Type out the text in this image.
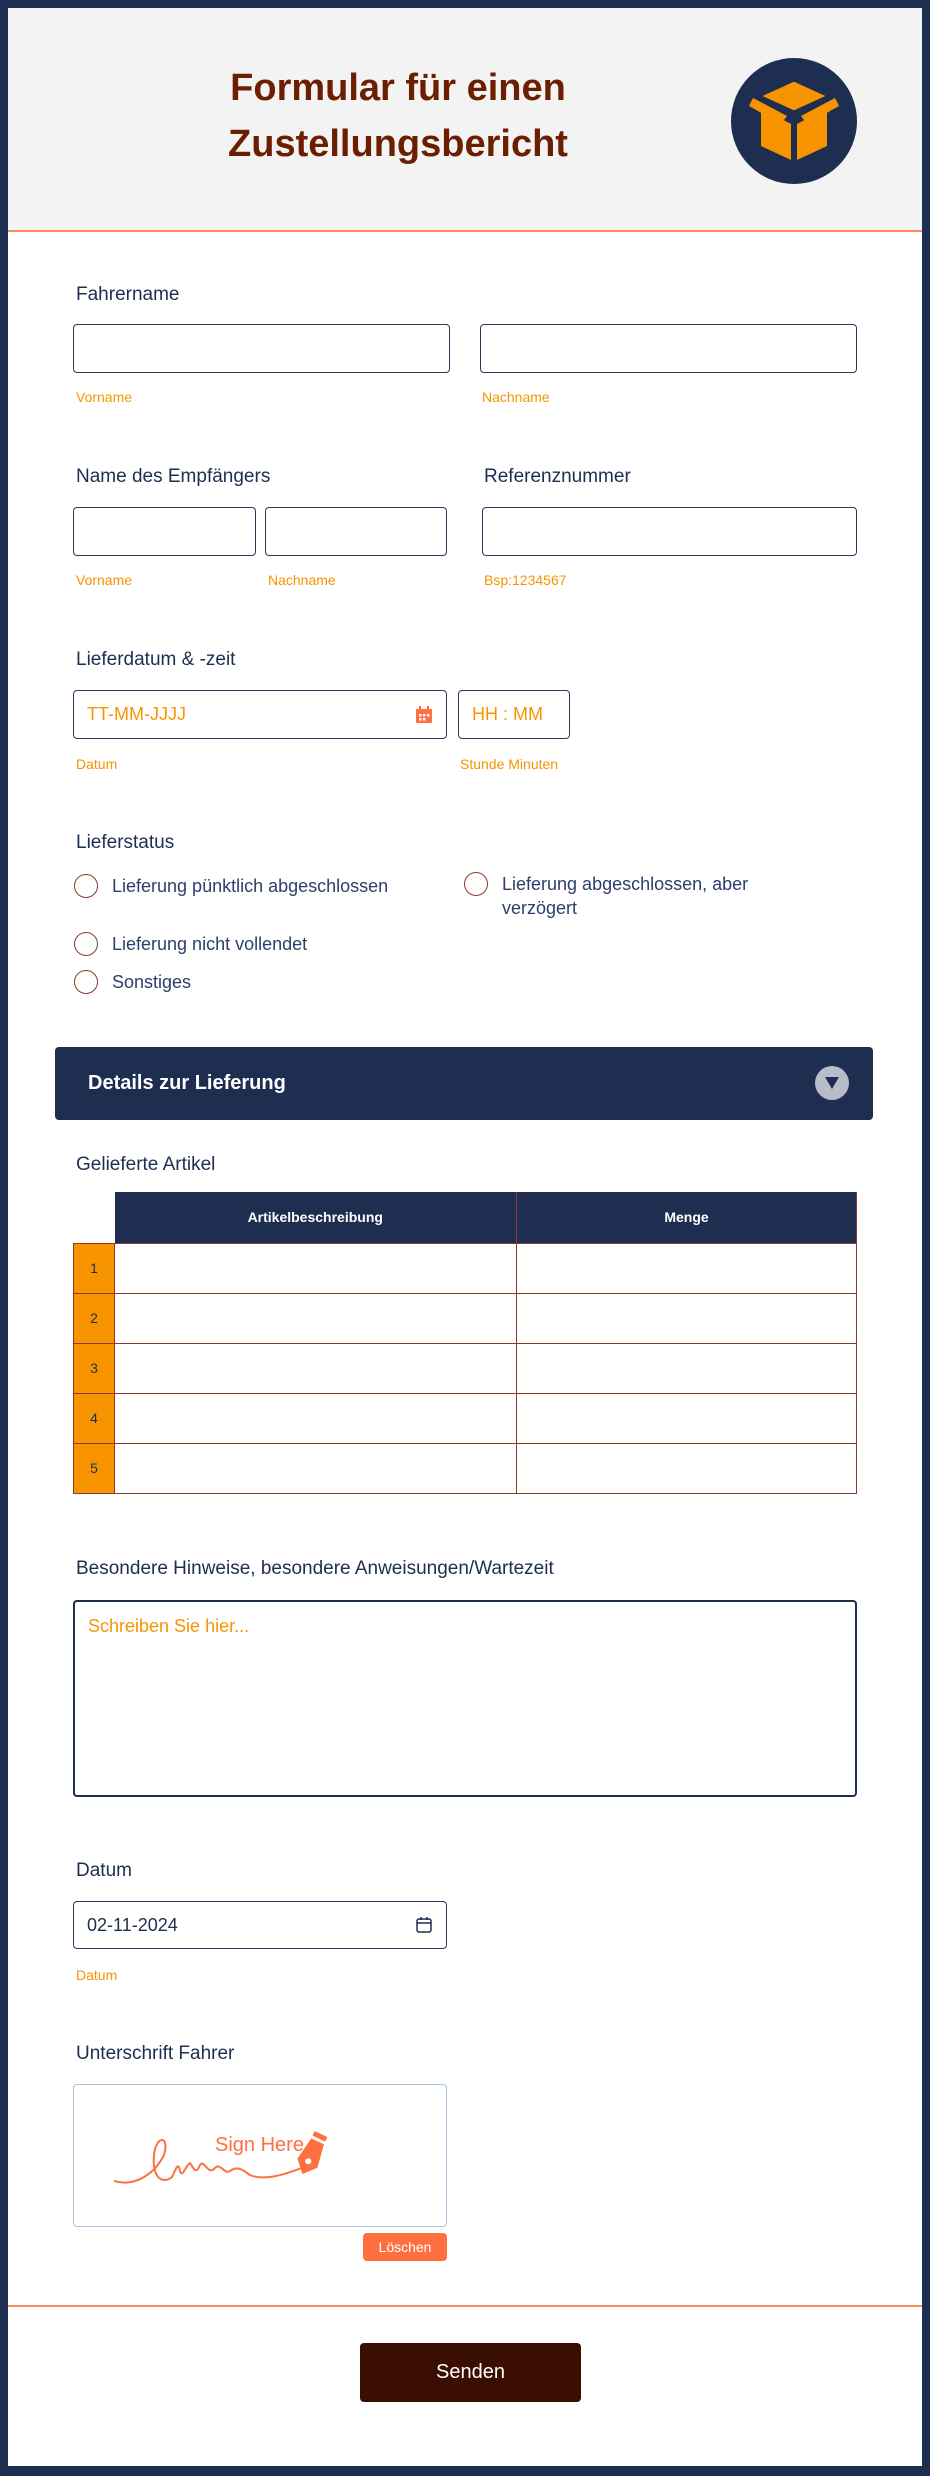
Formular für einen
Zustellungsbericht
Fahrername
Vorname	Nachname
Name des Empfängers	Referenznummer
Vorname	Nachname	Bsp:1234567
Lieferdatum & -zeit
TT-MM-JJJJ	HH : MM
Datum	Stunde Minuten
Lieferstatus
Lieferung pünktlich abgeschlossen	Lieferung abgeschlossen, aber verzögert
Lieferung nicht vollendet
Sonstiges
Details zur Lieferung
Gelieferte Artikel
	Artikelbeschreibung	Menge
1		
2		
3		
4		
5		
Besondere Hinweise, besondere Anweisungen/Wartezeit
Schreiben Sie hier...
Datum
02-11-2024
Datum
Unterschrift Fahrer
Sign Here
Löschen
Senden
